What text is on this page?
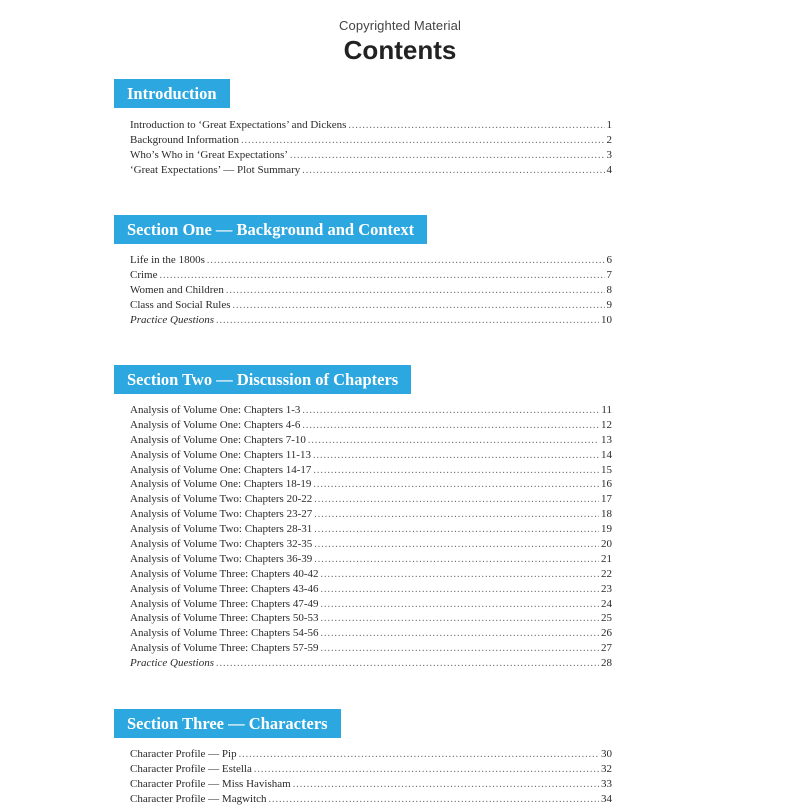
Copyrighted Material
Contents
Introduction
Introduction to ‘Great Expectations’ and Dickens .....	1
Background Information .....	2
Who’s Who in ‘Great Expectations’ .....	3
‘Great Expectations’ — Plot Summary .....	4
Section One — Background and Context
Life in the 1800s .....	6
Crime .....	7
Women and Children .....	8
Class and Social Rules .....	9
Practice Questions .....	10
Section Two — Discussion of Chapters
Analysis of Volume One: Chapters 1-3 .....	11
Analysis of Volume One: Chapters 4-6 .....	12
Analysis of Volume One: Chapters 7-10 .....	13
Analysis of Volume One: Chapters 11-13 .....	14
Analysis of Volume One: Chapters 14-17 .....	15
Analysis of Volume One: Chapters 18-19 .....	16
Analysis of Volume Two: Chapters 20-22 .....	17
Analysis of Volume Two: Chapters 23-27 .....	18
Analysis of Volume Two: Chapters 28-31 .....	19
Analysis of Volume Two: Chapters 32-35 .....	20
Analysis of Volume Two: Chapters 36-39 .....	21
Analysis of Volume Three: Chapters 40-42 .....	22
Analysis of Volume Three: Chapters 43-46 .....	23
Analysis of Volume Three: Chapters 47-49 .....	24
Analysis of Volume Three: Chapters 50-53 .....	25
Analysis of Volume Three: Chapters 54-56 .....	26
Analysis of Volume Three: Chapters 57-59 .....	27
Practice Questions .....	28
Section Three — Characters
Character Profile — Pip .....	30
Character Profile — Estella .....	32
Character Profile — Miss Havisham .....	33
Character Profile — Magwitch .....	34
